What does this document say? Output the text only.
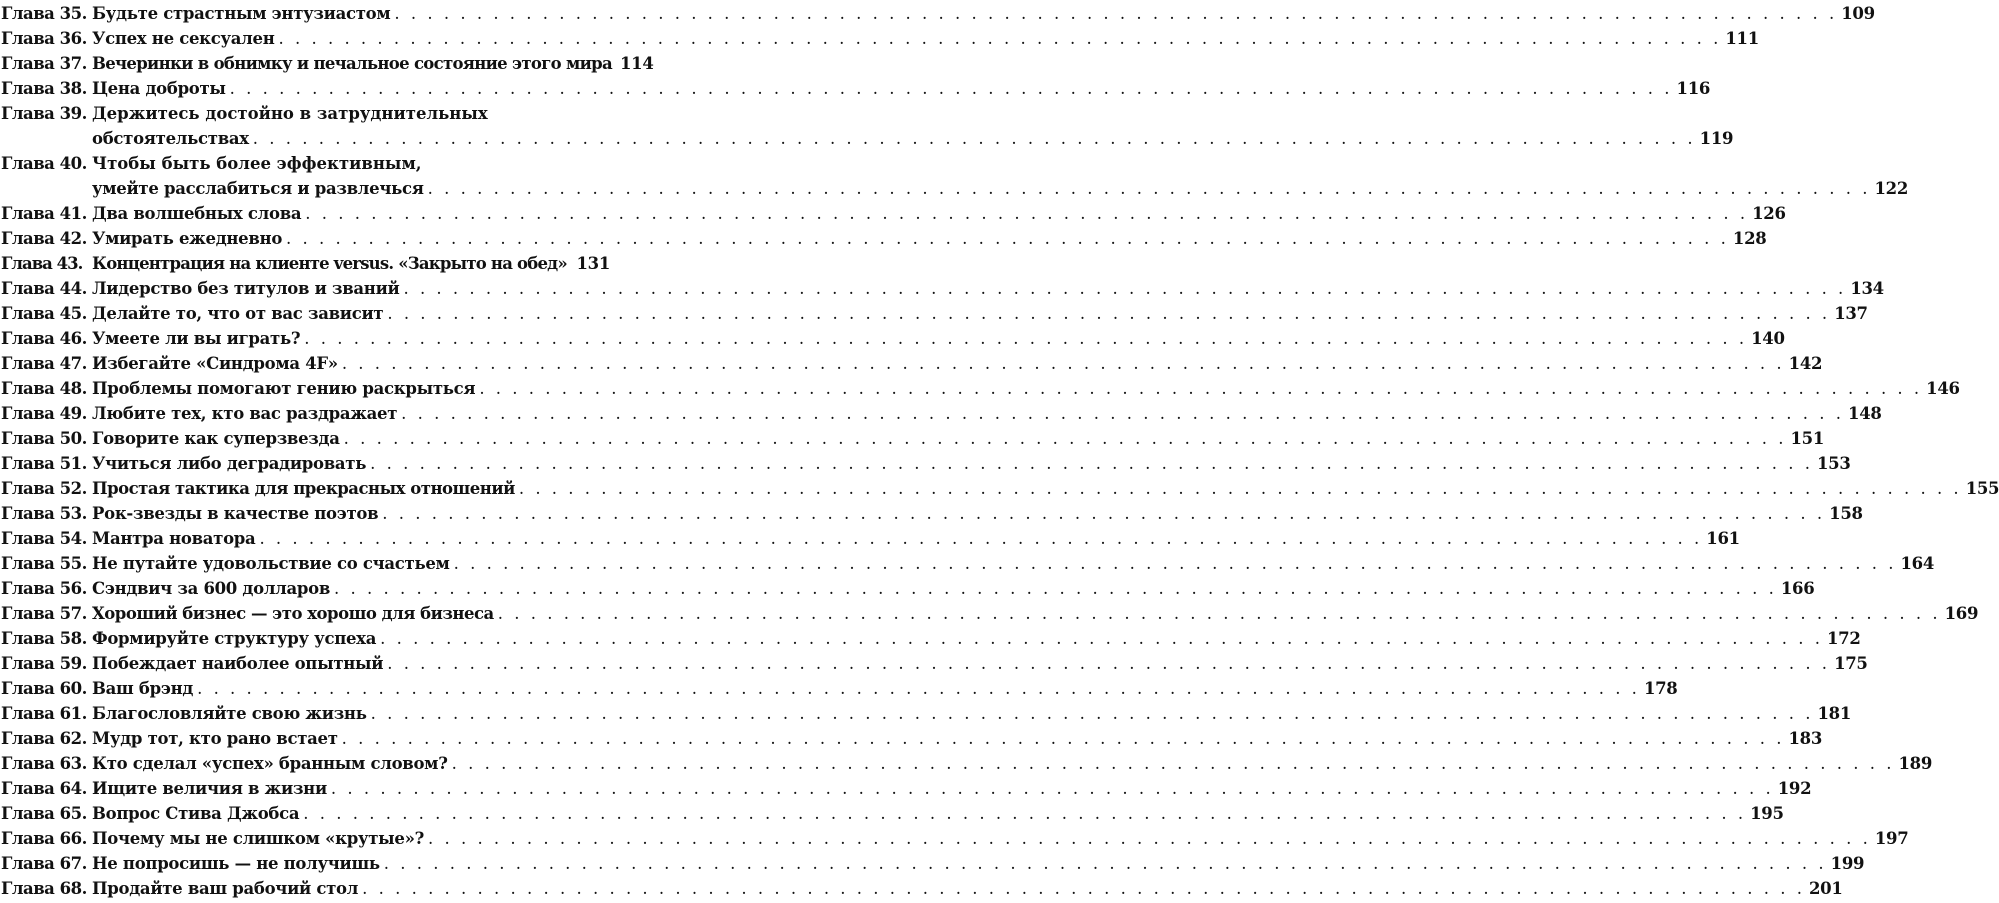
Глава 35. Будьте страстным энтузиастом . . .	109
Глава 36. Успех не сексуален . . .	111
Глава 37. Вечеринки в обнимку и печальное состояние этого мира 114
Глава 38. Цена доброты . . .	116
Глава 39. Держитесь достойно в затруднительных
обстоятельствах . . .	119
Глава 40. Чтобы быть более эффективным,
умейте расслабиться и развлечься . . .	122
Глава 41. Два волшебных слова . . .	126
Глава 42. Умирать ежедневно . . .	128
Глава 43. Концентрация на клиенте versus. «Закрыто на обед» . . . 131
Глава 44. Лидерство без титулов и званий . . .	134
Глава 45. Делайте то, что от вас зависит . . .	137
Глава 46. Умеете ли вы играть? . . .	140
Глава 47. Избегайте «Синдрома 4F» . . .	142
Глава 48. Проблемы помогают гению раскрыться . . .	146
Глава 49. Любите тех, кто вас раздражает . . .	148
Глава 50. Говорите как суперзвезда . . .	151
Глава 51. Учиться либо деградировать . . .	153
Глава 52. Простая тактика для прекрасных отношений . . .	155
Глава 53. Рок-звезды в качестве поэтов . . .	158
Глава 54. Мантра новатора . . .	161
Глава 55. Не путайте удовольствие со счастьем . . .	164
Глава 56. Сэндвич за 600 долларов . . .	166
Глава 57. Хороший бизнес — это хорошо для бизнеса . . .	169
Глава 58. Формируйте структуру успеха . . .	172
Глава 59. Побеждает наиболее опытный . . .	175
Глава 60. Ваш брэнд . . .	178
Глава 61. Благословляйте свою жизнь . . .	181
Глава 62. Мудр тот, кто рано встает . . .	183
Глава 63. Кто сделал «успех» бранным словом? . . .	189
Глава 64. Ищите величия в жизни . . .	192
Глава 65. Вопрос Стива Джобса . . .	195
Глава 66. Почему мы не слишком «крутые»? . . .	197
Глава 67. Не попросишь — не получишь . . .	199
Глава 68. Продайте ваш рабочий стол . . .	201
